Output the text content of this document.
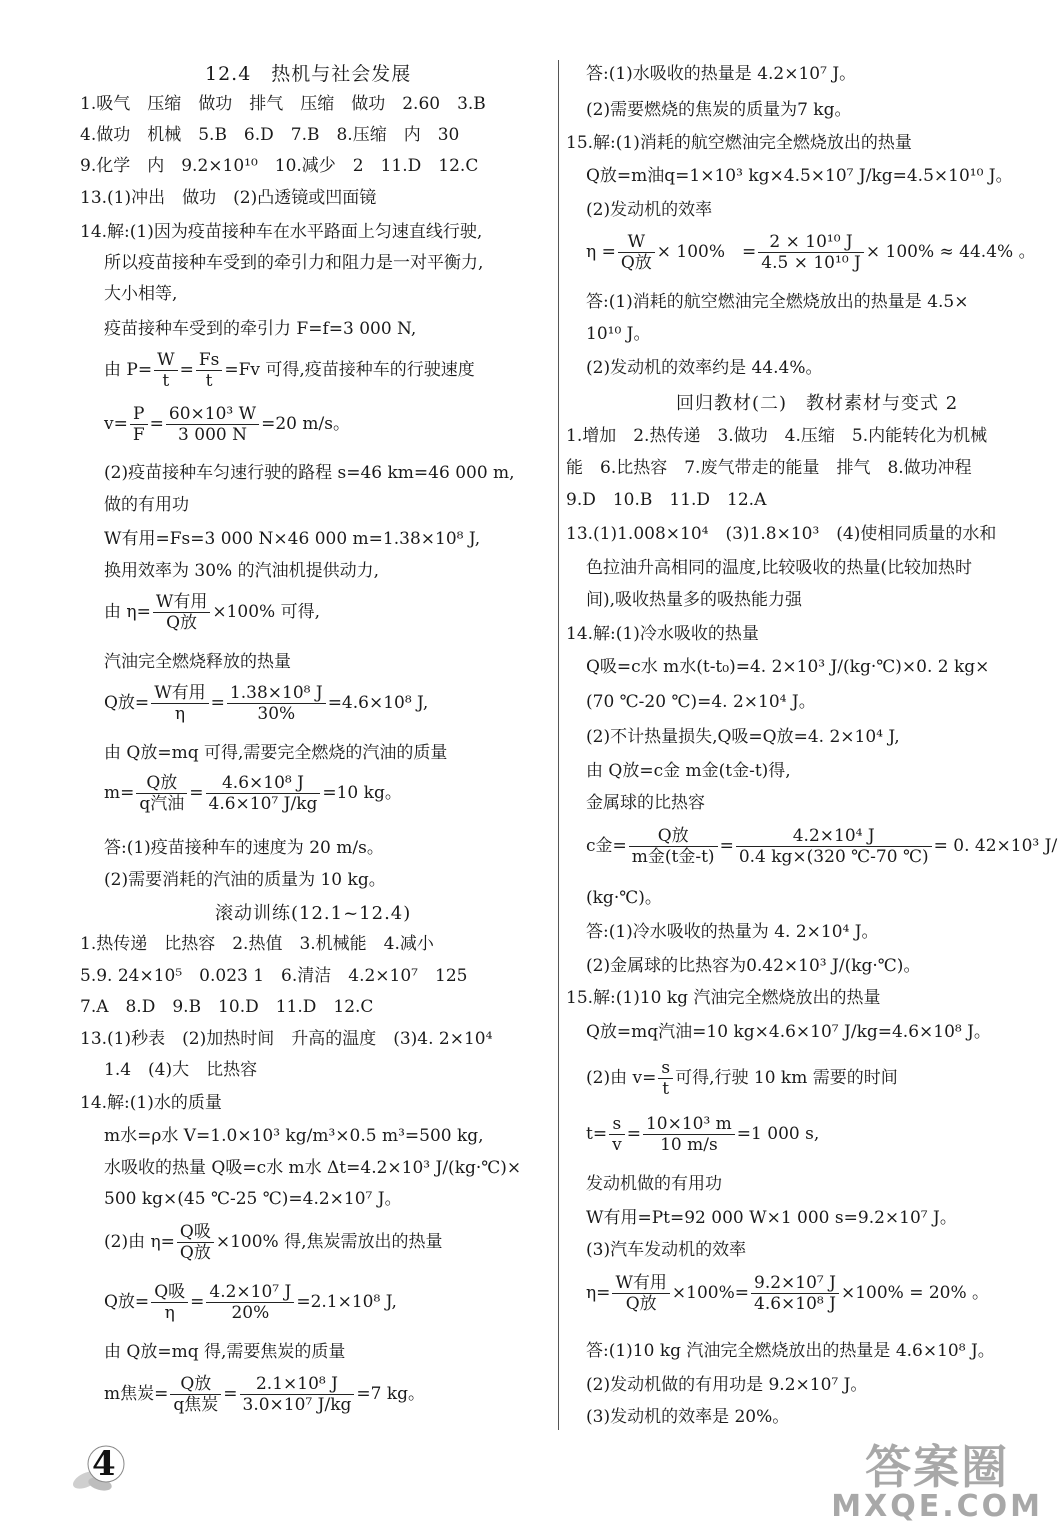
12.4　热机与社会发展
1.吸气　压缩　做功　排气　压缩　做功　2.60　3.B
4.做功　机械　5.B　6.D　7.B　8.压缩　内　30
9.化学　内　9.2×10¹⁰　10.减少　2　11.D　12.C
13.(1)冲出　做功　(2)凸透镜或凹面镜
14.解:(1)因为疫苗接种车在水平路面上匀速直线行驶,
所以疫苗接种车受到的牵引力和阻力是一对平衡力,
大小相等,
疫苗接种车受到的牵引力 F=f=3 000 N,
由 $P= \frac{W}{t} = \frac{Fs}{t} =Fv$ 可得,疫苗接种车的行驶速度
$v= \frac{P}{F} = \frac{\text{60×10³ W}}{3 000 N} =20$ m/s。
(2)疫苗接种车匀速行驶的路程 s=46 km=46 000 m,
做的有用功
W有用=Fs=3 000 N×46 000 m=1.38×10⁸ J,
换用效率为 30% 的汽油机提供动力,
由 $\eta= \frac{\text{W有用}}{\text{Q放}} \times 100\%$ 可得,
汽油完全燃烧释放的热量
Q放= $\frac{\text{W有用}}{\eta} = \frac{\text{1.38×10⁸ J}}{30\%} =4.6\times 10^8$ J,
由 Q放=mq 可得,需要完全燃烧的汽油的质量
$m= \frac{\text{Q放}}{\text{q汽油}} = \frac{\text{4.6×10⁸ J}}{\text{4.6×10⁷ J/kg}} =10$ kg。
答:(1)疫苗接种车的速度为 20 m/s。
(2)需要消耗的汽油的质量为 10 kg。
滚动训练(12.1~12.4)
1.热传递　比热容　2.热值　3.机械能　4.减小
5.9. 24×10⁵　0.023 1　6.清洁　4.2×10⁷　125
7.A　8.D　9.B　10.D　11.D　12.C
13.(1)秒表　(2)加热时间　升高的温度　(3)4. 2×10⁴
1.4　(4)大　比热容
14.解:(1)水的质量
m水=ρ水 V=1.0×10³ kg/m³×0.5 m³=500 kg,
水吸收的热量 Q吸=c水 m水 Δt=4.2×10³ J/(kg·℃)×
500 kg×(45 ℃-25 ℃)=4.2×10⁷ J。
(2)由 $\eta= \frac{\text{Q吸}}{\text{Q放}} \times 100\%$ 得,焦炭需放出的热量
Q放= $\frac{\text{Q吸}}{\eta} = \frac{\text{4.2×10⁷ J}}{20\%} =2.1\times 10^8$ J,
由 Q放=mq 得,需要焦炭的质量
m焦炭= $\frac{\text{Q放}}{\text{q焦炭}} = \frac{\text{2.1×10⁸ J}}{\text{3.0×10⁷ J/kg}} =7$ kg。
答:(1)水吸收的热量是 4.2×10⁷ J。
(2)需要燃烧的焦炭的质量为7 kg。
15.解:(1)消耗的航空燃油完全燃烧放出的热量
Q放=m油q=1×10³ kg×4.5×10⁷ J/kg=4.5×10¹⁰ J。
(2)发动机的效率
$\eta = \frac{W}{\text{Q放}} \times 100\%$　= $\frac{\text{2 × 10¹⁰ J}}{\text{4.5 × 10¹⁰ J}} \times 100\% \approx 44.4\%$ 。
答:(1)消耗的航空燃油完全燃烧放出的热量是 4.5×
10¹⁰ J。
(2)发动机的效率约是 44.4%。
回归教材(二)　教材素材与变式 2
1.增加　2.热传递　3.做功　4.压缩　5.内能转化为机械
能　6.比热容　7.废气带走的能量　排气　8.做功冲程
9.D　10.B　11.D　12.A
13.(1)1.008×10⁴　(3)1.8×10³　(4)使相同质量的水和
色拉油升高相同的温度,比较吸收的热量(比较加热时
间),吸收热量多的吸热能力强
14.解:(1)冷水吸收的热量
Q吸=c水 m水(t-t₀)=4. 2×10³ J/(kg·℃)×0. 2 kg×
(70 ℃-20 ℃)=4. 2×10⁴ J。
(2)不计热量损失,Q吸=Q放=4. 2×10⁴ J,
由 Q放=c金 m金(t金-t)得,
金属球的比热容
c金= $\frac{\text{Q放}}{\text{m金(t金-t)}} = \frac{\text{4.2×10⁴ J}}{0.4 kg\times(320 ℃-70 ℃)} = 0$. 42×10³ J/
(kg·℃)。
答:(1)冷水吸收的热量为 4. 2×10⁴ J。
(2)金属球的比热容为0.42×10³ J/(kg·℃)。
15.解:(1)10 kg 汽油完全燃烧放出的热量
Q放=mq汽油=10 kg×4.6×10⁷ J/kg=4.6×10⁸ J。
(2)由 $v= \frac{s}{t}$ 可得,行驶 10 km 需要的时间
$t= \frac{s}{v} = \frac{\text{10×10³ m}}{10 m/s} =1$ 000 s,
发动机做的有用功
W有用=Pt=92 000 W×1 000 s=9.2×10⁷ J。
(3)汽车发动机的效率
$\eta= \frac{\text{W有用}}{\text{Q放}} \times 100\%= \frac{\text{9.2×10⁷ J}}{\text{4.6×10⁸ J}} \times 100\% = 20\%$ 。
答:(1)10 kg 汽油完全燃烧放出的热量是 4.6×10⁸ J。
(2)发动机做的有用功是 9.2×10⁷ J。
(3)发动机的效率是 20%。
4	答案圈
MXQE.COM
